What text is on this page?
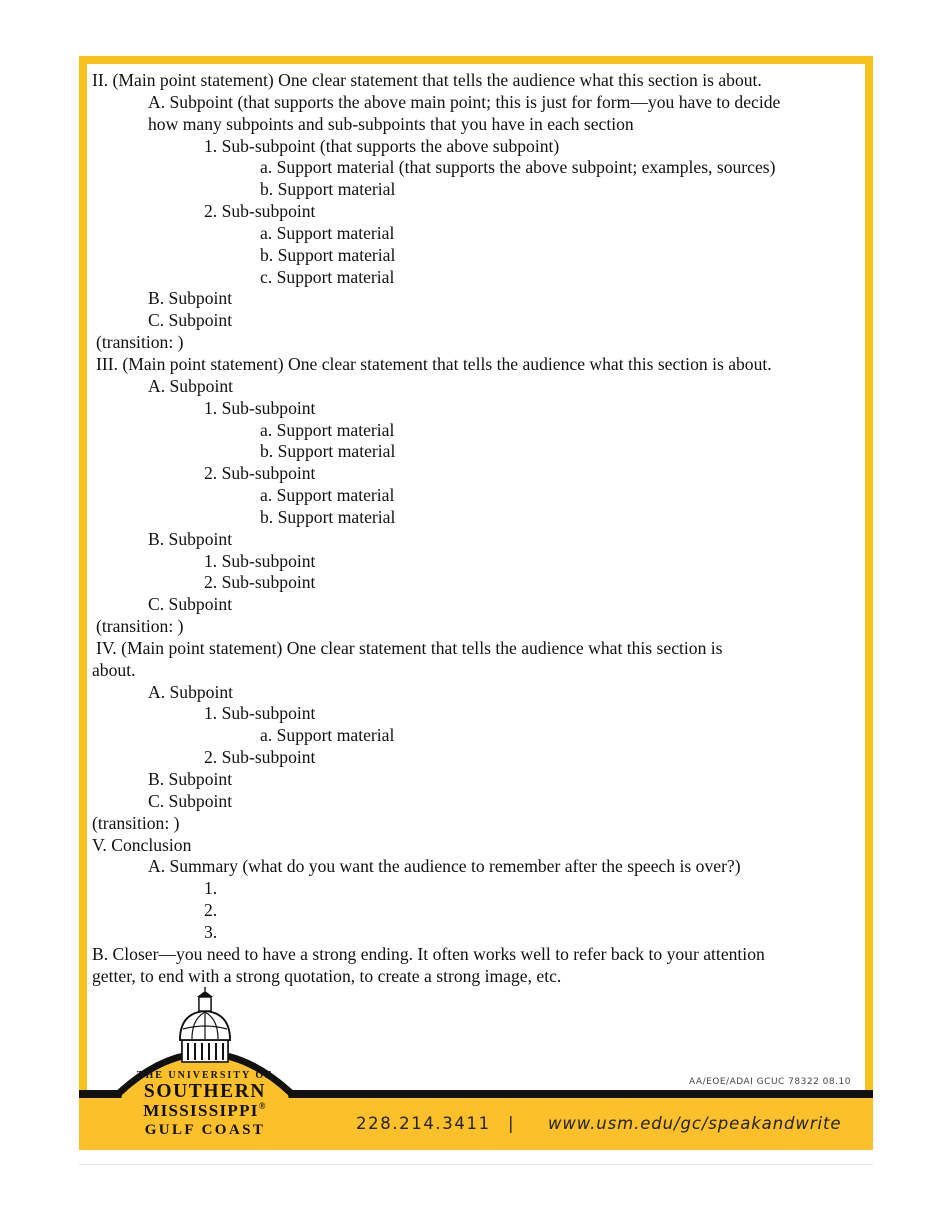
II. (Main point statement) One clear statement that tells the audience what this section is about.
A. Subpoint (that supports the above main point; this is just for form—you have to decide
how many subpoints and sub-subpoints that you have in each section
1. Sub-subpoint (that supports the above subpoint)
a. Support material (that supports the above subpoint; examples, sources)
b. Support material
2. Sub-subpoint
a. Support material
b. Support material
c. Support material
B. Subpoint
C. Subpoint
(transition: )
III. (Main point statement) One clear statement that tells the audience what this section is about.
A. Subpoint
1. Sub-subpoint
a. Support material
b. Support material
2. Sub-subpoint
a. Support material
b. Support material
B. Subpoint
1. Sub-subpoint
2. Sub-subpoint
C. Subpoint
(transition: )
IV. (Main point statement) One clear statement that tells the audience what this section is
about.
A. Subpoint
1. Sub-subpoint
a. Support material
2. Sub-subpoint
B. Subpoint
C. Subpoint
(transition: )
V. Conclusion
A. Summary (what do you want the audience to remember after the speech is over?)
1.
2.
3.
B. Closer—you need to have a strong ending. It often works well to refer back to your attention
getter, to end with a strong quotation, to create a strong image, etc.
THE UNIVERSITY OF
SOUTHERN
MISSISSIPPI®
GULF COAST
AA/EOE/ADAI GCUC 78322 08.10
228.214.3411 | www.usm.edu/gc/speakandwrite
